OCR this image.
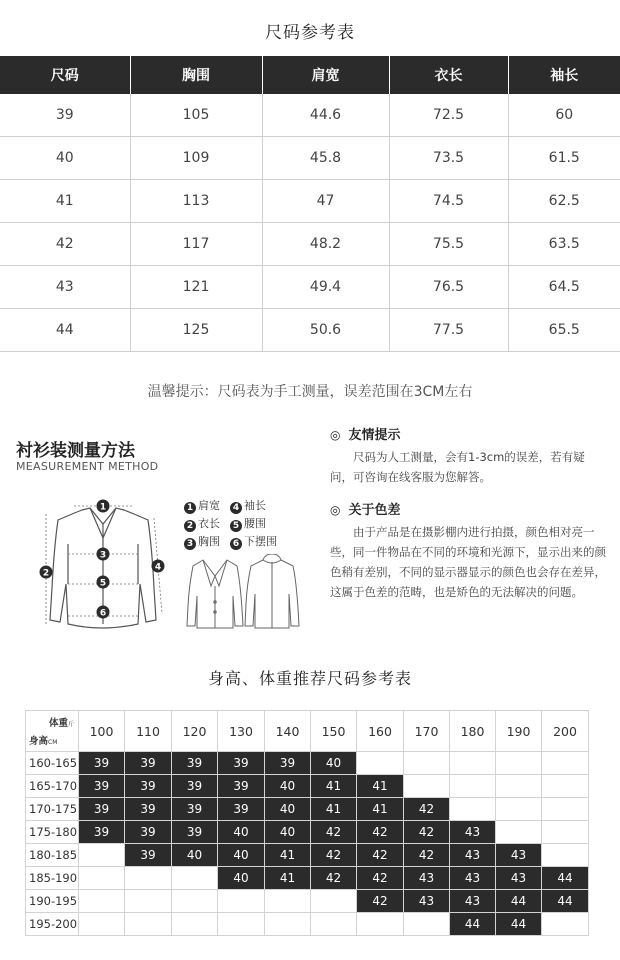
尺码参考表
尺码	胸围	肩宽	衣长	袖长
39	105	44.6	72.5	60
40	109	45.8	73.5	61.5
41	113	47	74.5	62.5
42	117	48.2	75.5	63.5
43	121	49.4	76.5	64.5
44	125	50.6	77.5	65.5
温馨提示：尺码表为手工测量，误差范围在3CM左右
衬衫装测量方法
MEASUREMENT METHOD
1
2
3
4
5
6
1 肩宽	4 袖长
2 衣长	5 腰围
3 胸围	6 下摆围
◎ 友情提示
尺码为人工测量，会有1-3cm的误差，若有疑问，可咨询在线客服为您解答。
◎ 关于色差
由于产品是在摄影棚内进行拍摄，颜色相对亮一些，同一件物品在不同的环境和光源下，显示出来的颜色稍有差别，不同的显示器显示的颜色也会存在差异，这属于色差的范畴，也是矫色的无法解决的问题。
身高、体重推荐尺码参考表
体重斤
身高CM	100	110	120	130	140	150	160	170	180	190	200
160-165	39	39	39	39	39	40					
165-170	39	39	39	39	40	41	41				
170-175	39	39	39	39	40	41	41	42			
175-180	39	39	39	40	40	42	42	42	43		
180-185		39	40	40	41	42	42	42	43	43	
185-190				40	41	42	42	43	43	43	44
190-195							42	43	43	44	44
195-200									44	44	
